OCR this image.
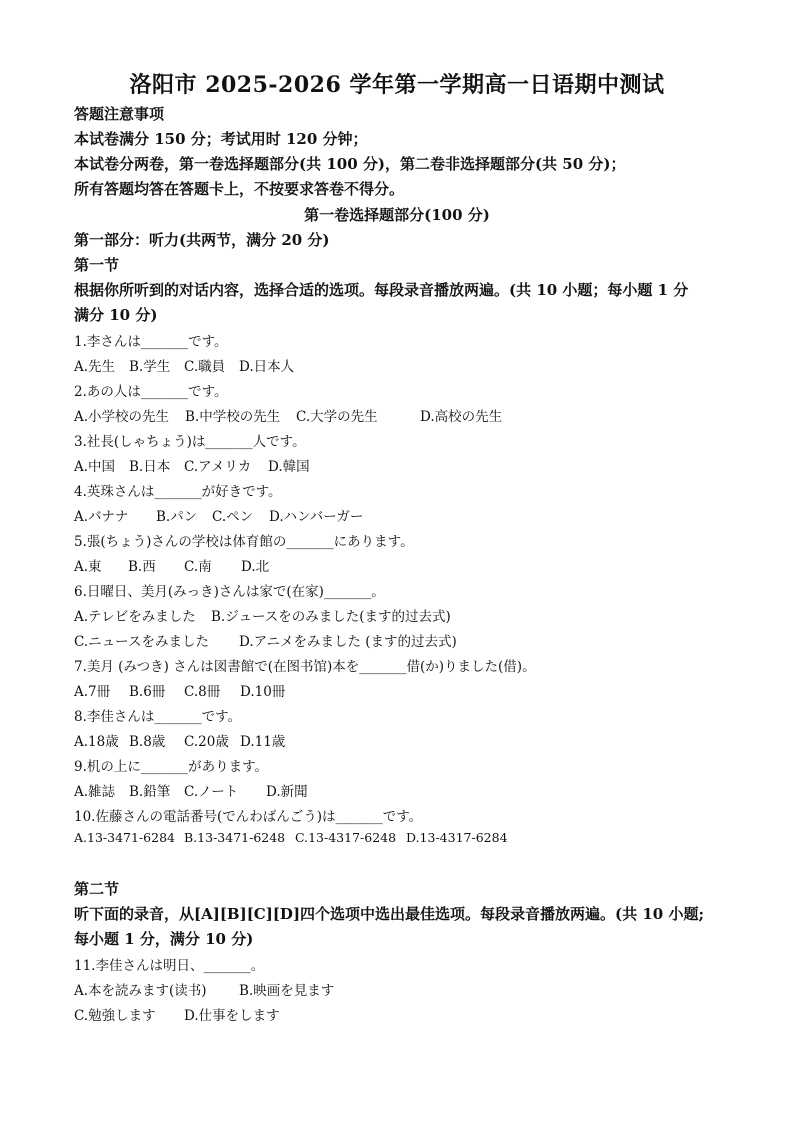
洛阳市 2025-2026 学年第一学期高一日语期中测试
答题注意事项
本试卷满分 150 分；考试用时 120 分钟；
本试卷分两卷，第一卷选择题部分(共 100 分)，第二卷非选择题部分(共 50 分)；
所有答题均答在答题卡上，不按要求答卷不得分。
第一卷选择题部分(100 分)
第一部分：听力(共两节，满分 20 分)
第一节
根据你所听到的对话内容，选择合适的选项。每段录音播放两遍。(共 10 小题；每小题 1 分
满分 10 分)
1.李さんは_______です。
A.先生 B.学生 C.職員 D.日本人
2.あの人は_______です。
A.小学校の先生 B.中学校の先生 C.大学の先生	D.高校の先生
3.社長(しゃちょう)は_______人です。
A.中国 B.日本 C.アメリカ D.韓国
4.英珠さんは_______が好きです。
A.バナナ B.パン C.ペン D.ハンバーガー
5.張(ちょう)さんの学校は体育館の_______にあります。
A.東 B.西 C.南 D.北
6.日曜日、美月(みっき)さんは家で(在家)_______。
A.テレビをみました B.ジュースをのみました(ます的过去式)
C.ニュースをみました D.アニメをみました (ます的过去式)
7.美月 (みつき) さんは図書館で(在图书馆)本を_______借(か)りました(借)。
A.7冊 B.6冊 C.8冊 D.10冊
8.李佳さんは_______です。
A.18歳 B.8歳 C.20歳 D.11歳
9.机の上に_______があります。
A.雑誌 B.鉛筆 C.ノート D.新聞
10.佐藤さんの電話番号(でんわばんごう)は_______です。
A.13-3471-6284 B.13-3471-6248 C.13-4317-6248 D.13-4317-6284
第二节
听下面的录音，从[A][B][C][D]四个选项中选出最佳选项。每段录音播放两遍。(共 10 小题;
每小题 1 分，满分 10 分)
11.李佳さんは明日、_______。
A.本を読みます(读书) B.映画を見ます
C.勉強します D.仕事をします
